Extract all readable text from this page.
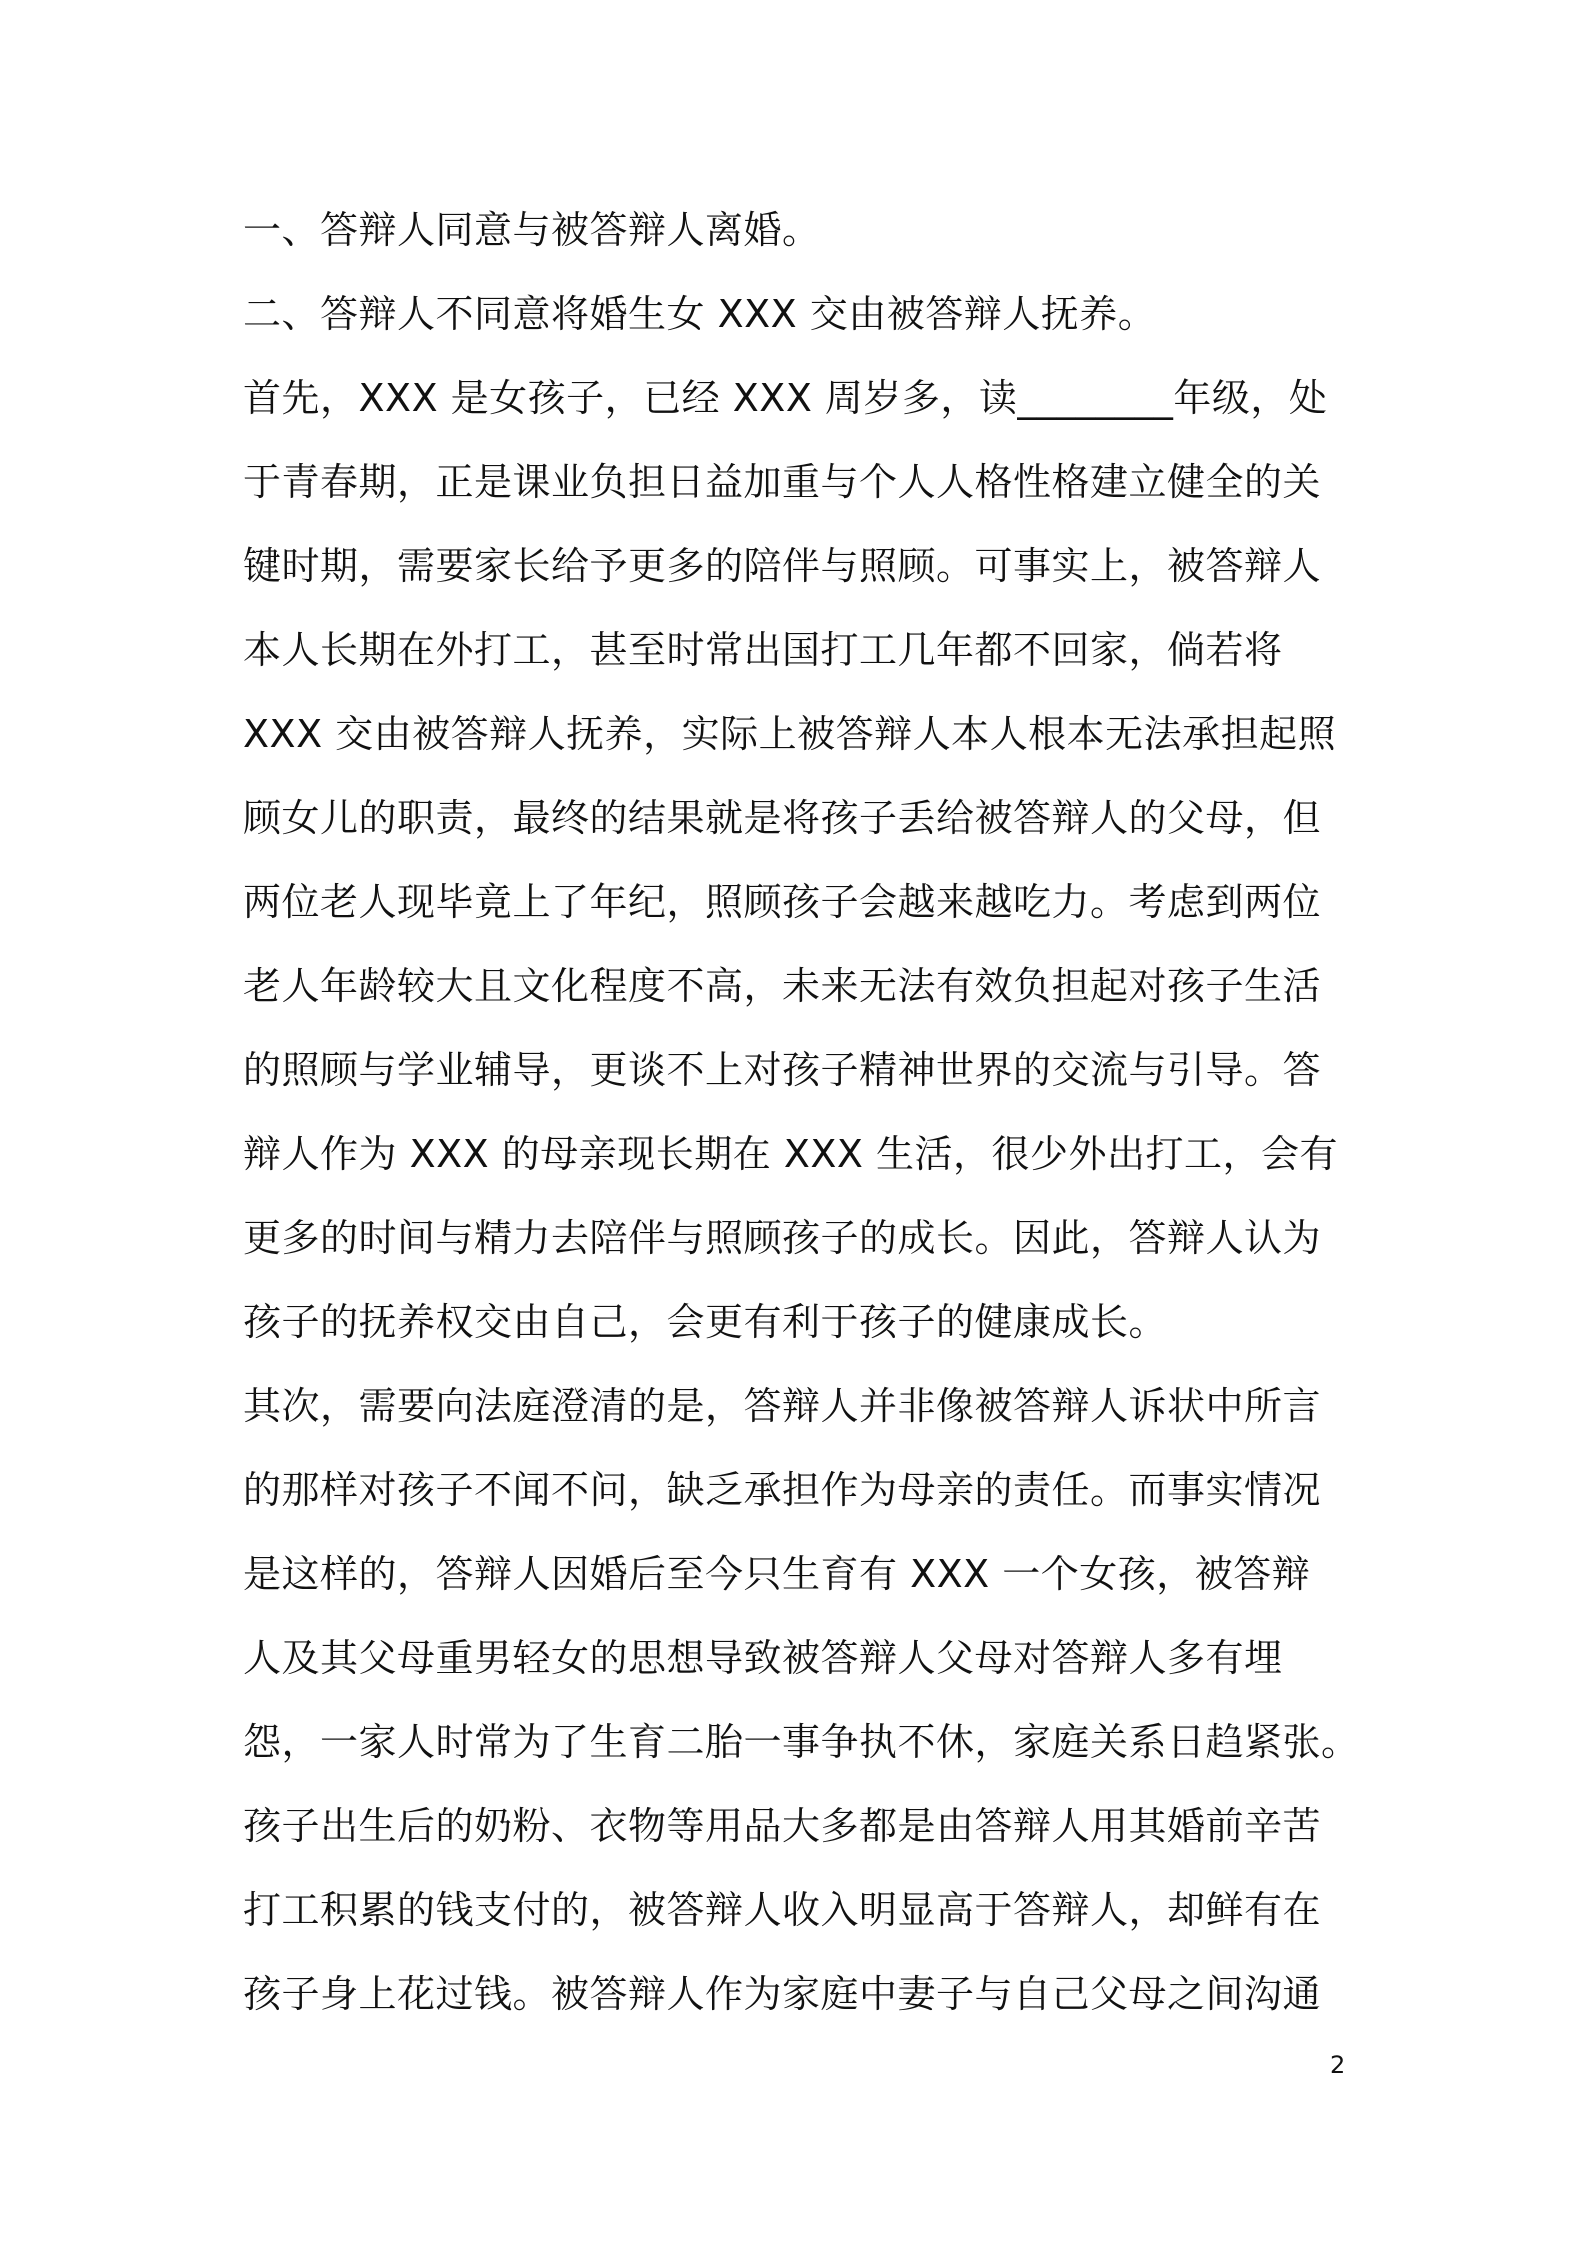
一、答辩人同意与被答辩人离婚。
二、答辩人不同意将婚生女 XXX 交由被答辩人抚养。
首先，XXX 是女孩子，已经 XXX 周岁多，读________年级，处
于青春期，正是课业负担日益加重与个人人格性格建立健全的关
键时期，需要家长给予更多的陪伴与照顾。可事实上，被答辩人
本人长期在外打工，甚至时常出国打工几年都不回家，倘若将
XXX 交由被答辩人抚养，实际上被答辩人本人根本无法承担起照
顾女儿的职责，最终的结果就是将孩子丢给被答辩人的父母，但
两位老人现毕竟上了年纪，照顾孩子会越来越吃力。考虑到两位
老人年龄较大且文化程度不高，未来无法有效负担起对孩子生活
的照顾与学业辅导，更谈不上对孩子精神世界的交流与引导。答
辩人作为 XXX 的母亲现长期在 XXX 生活，很少外出打工，会有
更多的时间与精力去陪伴与照顾孩子的成长。因此，答辩人认为
孩子的抚养权交由自己，会更有利于孩子的健康成长。
其次，需要向法庭澄清的是，答辩人并非像被答辩人诉状中所言
的那样对孩子不闻不问，缺乏承担作为母亲的责任。而事实情况
是这样的，答辩人因婚后至今只生育有 XXX 一个女孩，被答辩
人及其父母重男轻女的思想导致被答辩人父母对答辩人多有埋
怨，一家人时常为了生育二胎一事争执不休，家庭关系日趋紧张。
孩子出生后的奶粉、衣物等用品大多都是由答辩人用其婚前辛苦
打工积累的钱支付的，被答辩人收入明显高于答辩人，却鲜有在
孩子身上花过钱。被答辩人作为家庭中妻子与自己父母之间沟通
2
